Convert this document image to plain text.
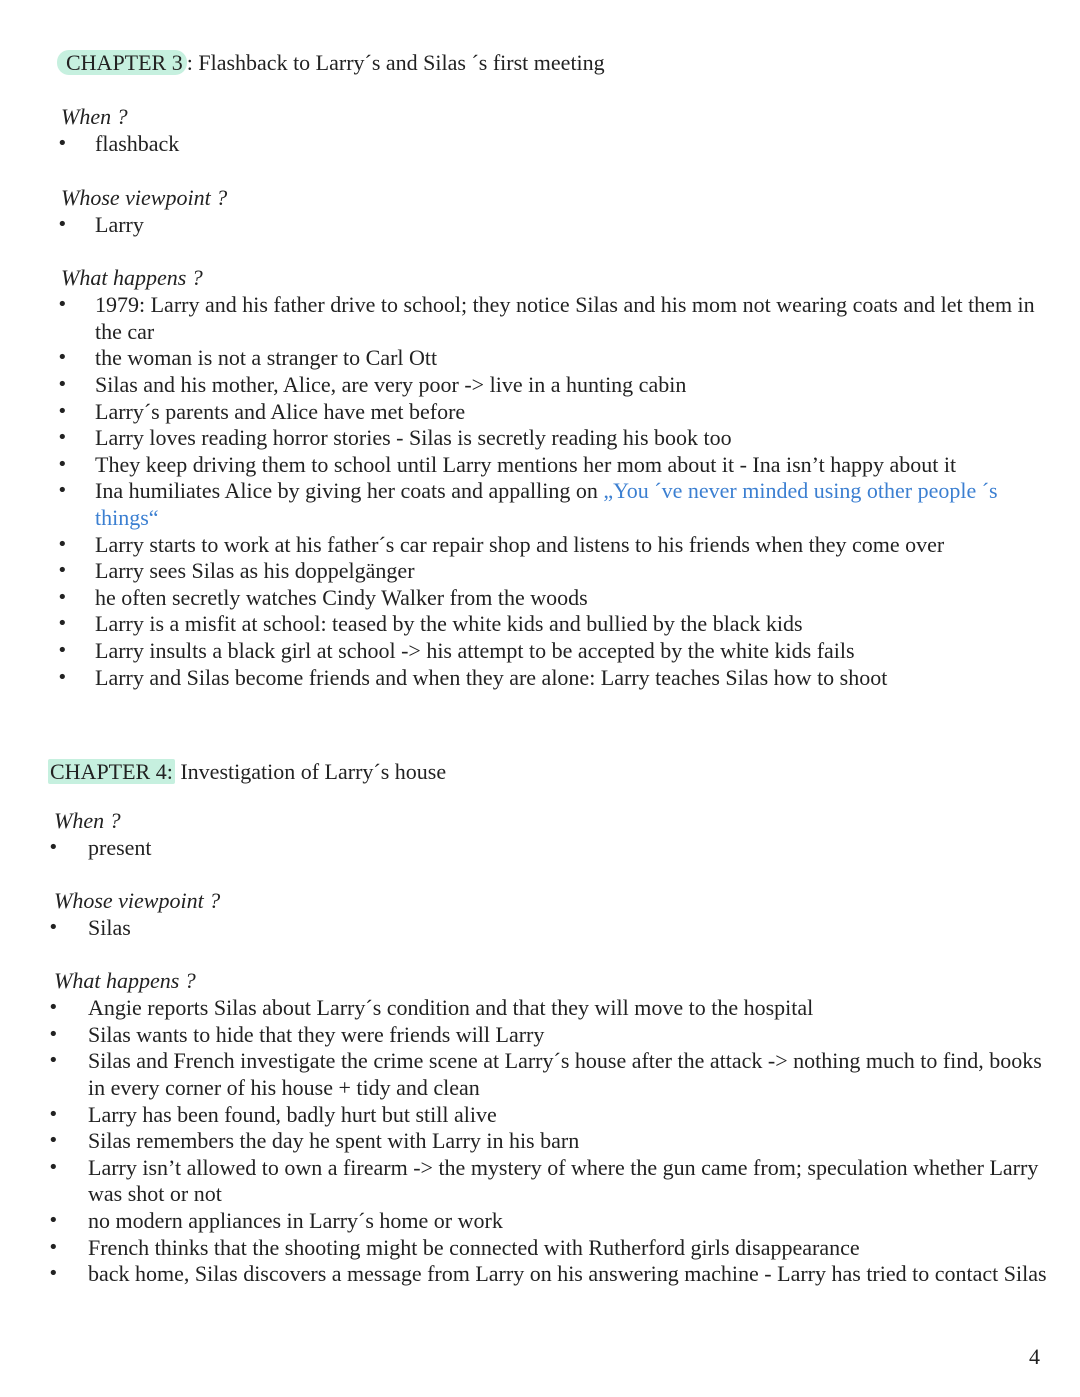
CHAPTER 3 : Flashback to Larry´s and Silas ´s first meeting

When ?

• flashback

Whose viewpoint ?

• Larry

What happens ?

• 1979: Larry and his father drive to school; they notice Silas and his mom not wearing coats and let them in the car
• the woman is not a stranger to Carl Ott
• Silas and his mother, Alice, are very poor -> live in a hunting cabin
• Larry´s parents and Alice have met before
• Larry loves reading horror stories - Silas is secretly reading his book too
• They keep driving them to school until Larry mentions her mom about it - Ina isn’t happy about it
• Ina humiliates Alice by giving her coats and appalling on „You ´ve never minded using other people ´s things“
• Larry starts to work at his father´s car repair shop and listens to his friends when they come over
• Larry sees Silas as his doppelgänger
• he often secretly watches Cindy Walker from the woods
• Larry is a misfit at school: teased by the white kids and bullied by the black kids
• Larry insults a black girl at school -> his attempt to be accepted by the white kids fails
• Larry and Silas become friends and when they are alone: Larry teaches Silas how to shoot
CHAPTER 4: Investigation of Larry´s house

When ?

• present

Whose viewpoint ?

• Silas

What happens ?

• Angie reports Silas about Larry´s condition and that they will move to the hospital
• Silas wants to hide that they were friends will Larry
• Silas and French investigate the crime scene at Larry´s house after the attack -> nothing much to find, books in every corner of his house + tidy and clean
• Larry has been found, badly hurt but still alive
• Silas remembers the day he spent with Larry in his barn
• Larry isn’t allowed to own a firearm -> the mystery of where the gun came from; speculation whether Larry was shot or not
• no modern appliances in Larry´s home or work
• French thinks that the shooting might be connected with Rutherford girls disappearance
• back home, Silas discovers a message from Larry on his answering machine - Larry has tried to contact Silas
4
